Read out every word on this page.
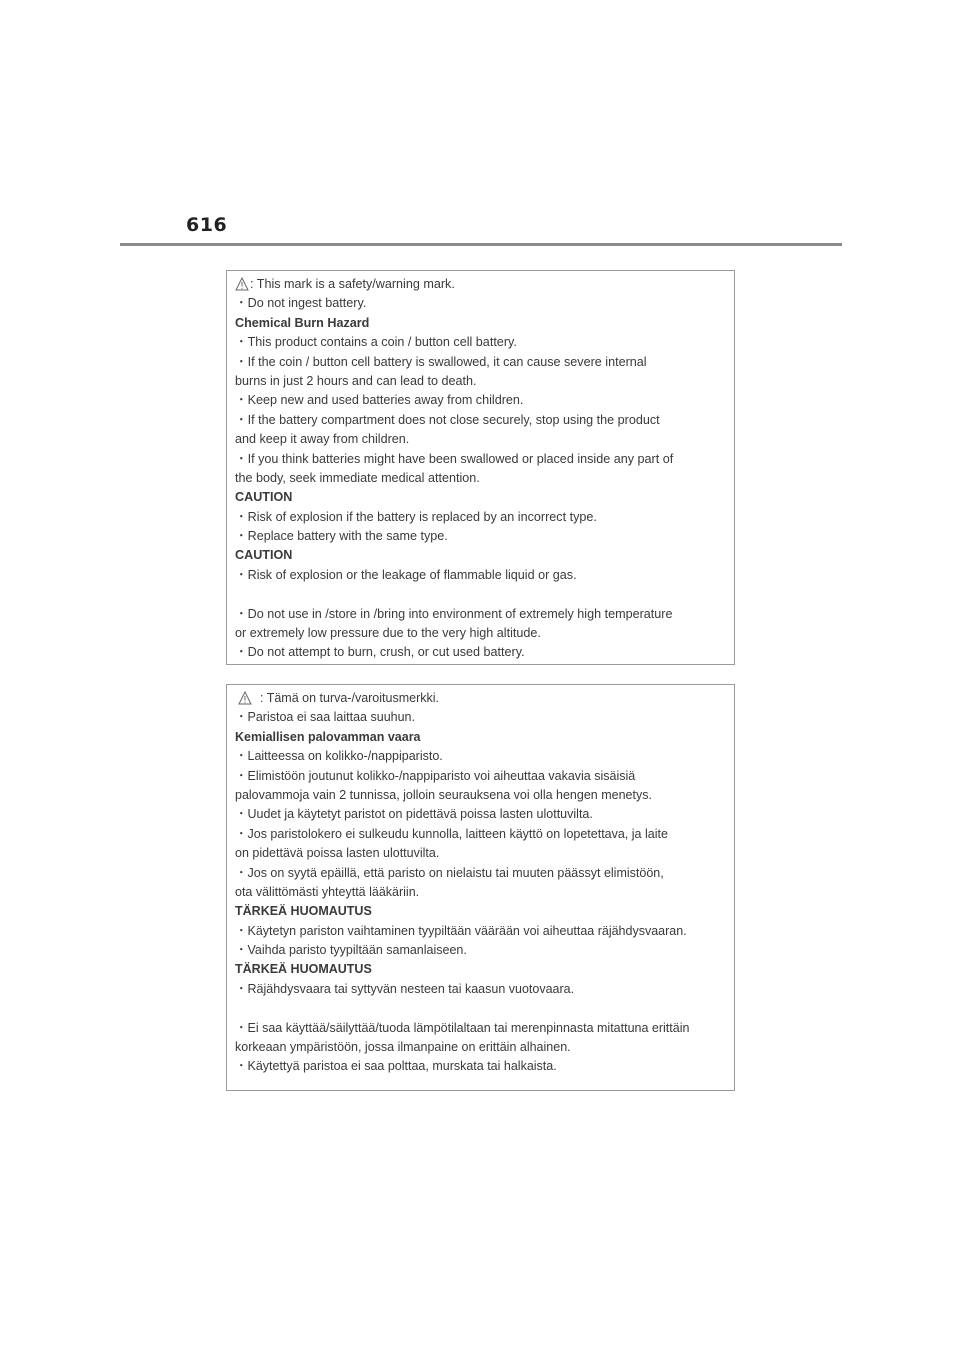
616
: This mark is a safety/warning mark.
・Do not ingest battery.
Chemical Burn Hazard
・This product contains a coin / button cell battery.
・If the coin / button cell battery is swallowed, it can cause severe internal
burns in just 2 hours and can lead to death.
・Keep new and used batteries away from children.
・If the battery compartment does not close securely, stop using the product
and keep it away from children.
・If you think batteries might have been swallowed or placed inside any part of
the body, seek immediate medical attention.
CAUTION
・Risk of explosion if the battery is replaced by an incorrect type.
・Replace battery with the same type.
CAUTION
・Risk of explosion or the leakage of flammable liquid or gas.
・Do not use in /store in /bring into environment of extremely high temperature
or extremely low pressure due to the very high altitude.
・Do not attempt to burn, crush, or cut used battery.
: Tämä on turva-/varoitusmerkki.
・Paristoa ei saa laittaa suuhun.
Kemiallisen palovamman vaara
・Laitteessa on kolikko-/nappiparisto.
・Elimistöön joutunut kolikko-/nappiparisto voi aiheuttaa vakavia sisäisiä
palovammoja vain 2 tunnissa, jolloin seurauksena voi olla hengen menetys.
・Uudet ja käytetyt paristot on pidettävä poissa lasten ulottuvilta.
・Jos paristolokero ei sulkeudu kunnolla, laitteen käyttö on lopetettava, ja laite
on pidettävä poissa lasten ulottuvilta.
・Jos on syytä epäillä, että paristo on nielaistu tai muuten päässyt elimistöön,
ota välittömästi yhteyttä lääkäriin.
TÄRKEÄ HUOMAUTUS
・Käytetyn pariston vaihtaminen tyypiltään väärään voi aiheuttaa räjähdysvaaran.
・Vaihda paristo tyypiltään samanlaiseen.
TÄRKEÄ HUOMAUTUS
・Räjähdysvaara tai syttyvän nesteen tai kaasun vuotovaara.
・Ei saa käyttää/säilyttää/tuoda lämpötilaltaan tai merenpinnasta mitattuna erittäin
korkeaan ympäristöön, jossa ilmanpaine on erittäin alhainen.
・Käytettyä paristoa ei saa polttaa, murskata tai halkaista.
